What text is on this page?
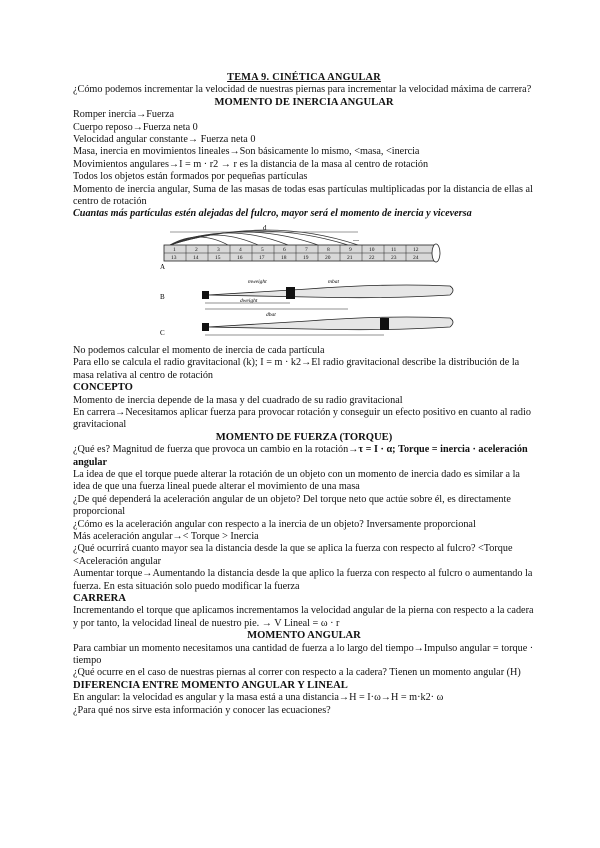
TEMA 9. CINÉTICA ANGULAR

¿Cómo podemos incrementar la velocidad de nuestras piernas para incrementar la velocidad máxima de carrera?

MOMENTO DE INERCIA ANGULAR

Romper inercia→Fuerza

Cuerpo reposo→Fuerza neta 0

Velocidad angular constante→ Fuerza neta 0

Masa, inercia en movimientos lineales→Son básicamente lo mismo, <masa, <inercia

Movimientos angulares→I = m · r2 → r es la distancia de la masa al centro de rotación

Todos los objetos están formados por pequeñas partículas

Momento de inercia angular, Suma de las masas de todas esas partículas multiplicadas por la distancia de ellas al centro de rotación

Cuantas más partículas estén alejadas del fulcro, mayor será el momento de inercia y viceversa

d
...
1	2	3	4	5	6	7	8	9	10	11	12
13	14	15	16	17	18	19	20	21	22	23	24
A
mweight	mbat
dweight
dbat
B
C

No podemos calcular el momento de inercia de cada partícula

Para ello se calcula el radio gravitacional (k); I = m · k2→El radio gravitacional describe la distribución de la masa relativa al centro de rotación

CONCEPTO

Momento de inercia depende de la masa y del cuadrado de su radio gravitacional

En carrera→Necesitamos aplicar fuerza para provocar rotación y conseguir un efecto positivo en cuanto al radio gravitacional

MOMENTO DE FUERZA (TORQUE)

¿Qué es? Magnitud de fuerza que provoca un cambio en la rotación→τ = I · α; Torque = inercia · aceleración angular

La idea de que el torque puede alterar la rotación de un objeto con un momento de inercia dado es similar a la idea de que una fuerza lineal puede alterar el movimiento de una masa

¿De qué dependerá la aceleración angular de un objeto? Del torque neto que actúe sobre él, es directamente proporcional

¿Cómo es la aceleración angular con respecto a la inercia de un objeto? Inversamente proporcional

Más aceleración angular→< Torque > Inercia

¿Qué ocurrirá cuanto mayor sea la distancia desde la que se aplica la fuerza con respecto al fulcro? <Torque <Aceleración angular

Aumentar torque→Aumentando la distancia desde la que aplico la fuerza con respecto al fulcro o aumentando la fuerza. En esta situación solo puedo modificar la fuerza

CARRERA

Incrementando el torque que aplicamos incrementamos la velocidad angular de la pierna con respecto a la cadera y por tanto, la velocidad lineal de nuestro pie. → V Lineal = ω · r

MOMENTO ANGULAR

Para cambiar un momento necesitamos una cantidad de fuerza a lo largo del tiempo→Impulso angular = torque · tiempo

¿Qué ocurre en el caso de nuestras piernas al correr con respecto a la cadera? Tienen un momento angular (H)

DIFERENCIA ENTRE MOMENTO ANGULAR Y LINEAL

En angular: la velocidad es angular y la masa está a una distancia→H = I·ω→H = m·k2· ω

¿Para qué nos sirve esta información y conocer las ecuaciones?
